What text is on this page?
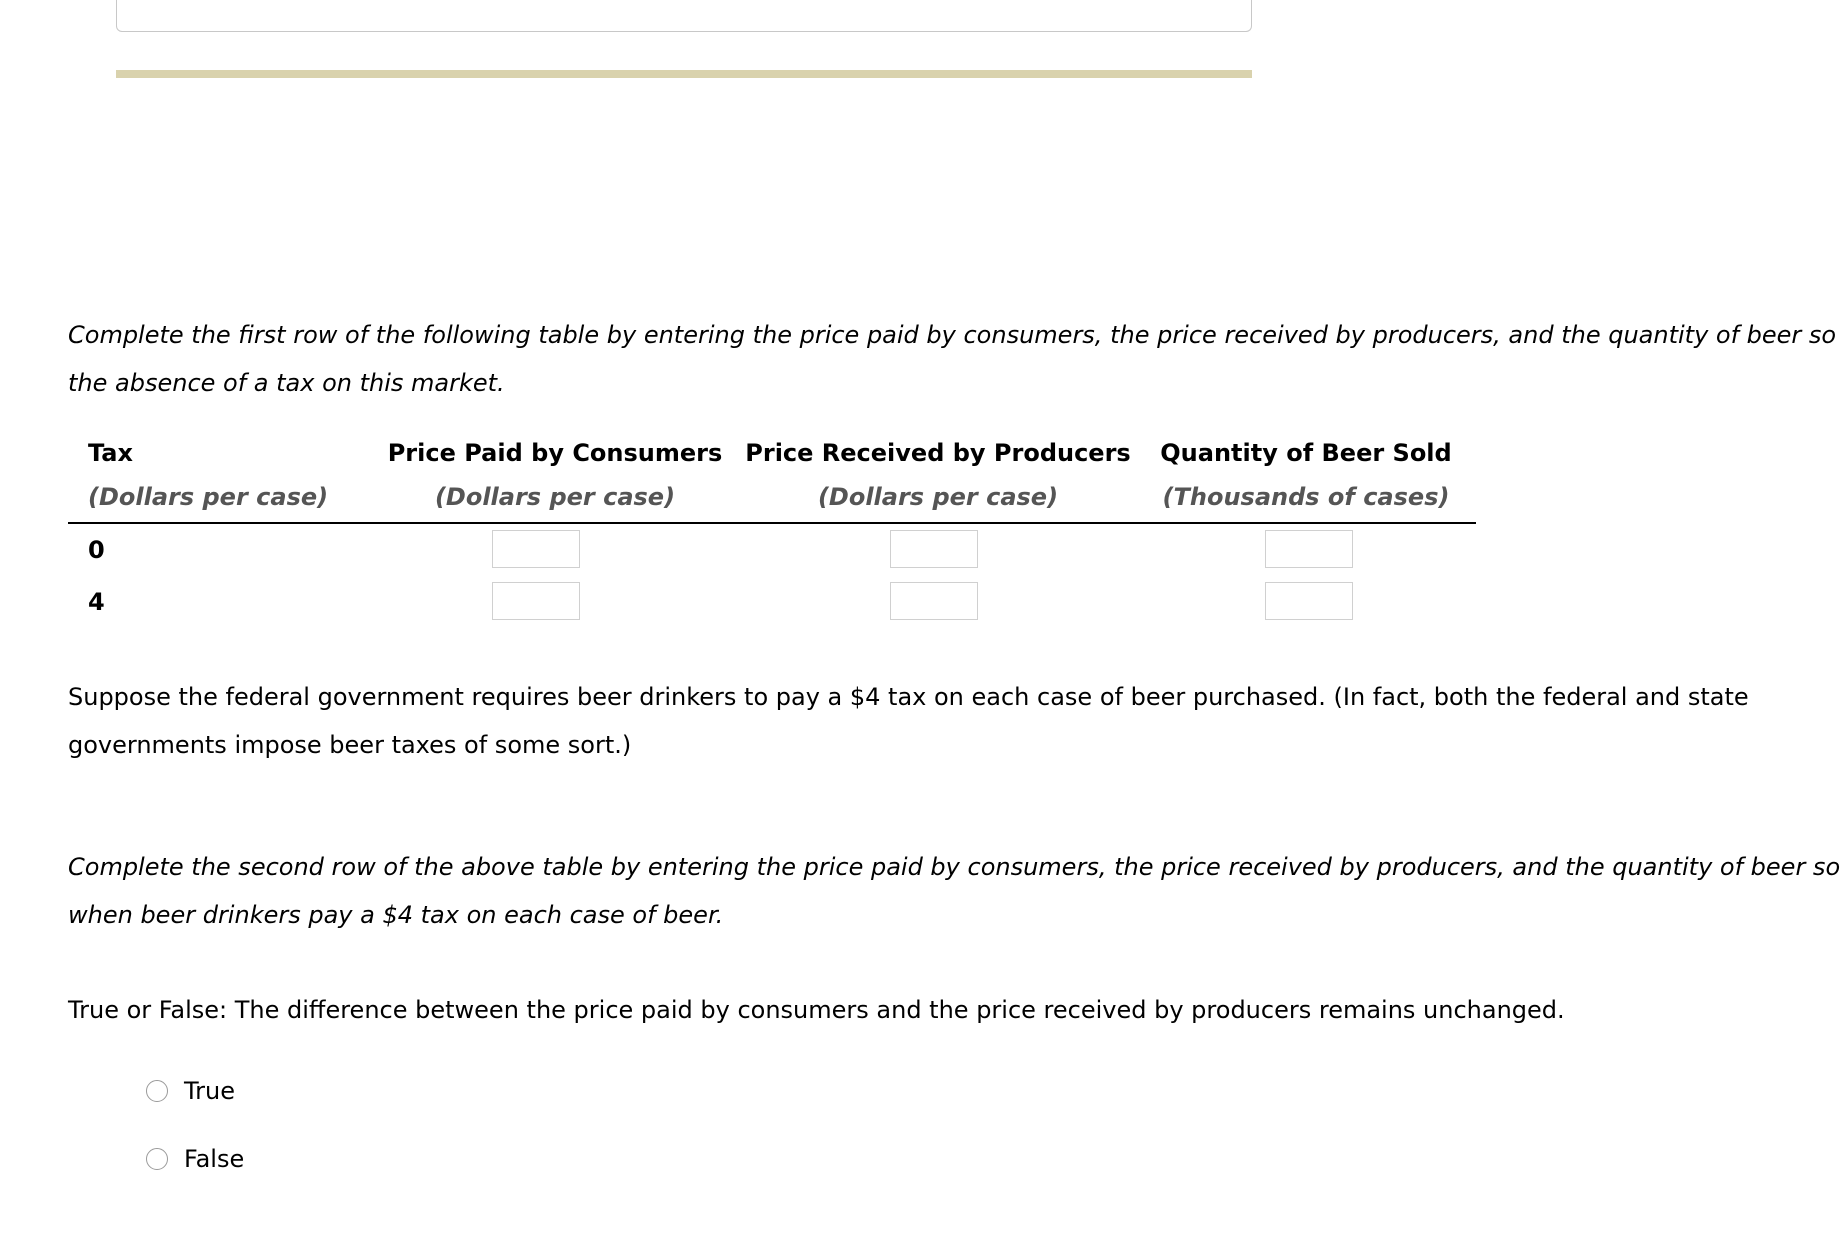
Complete the first row of the following table by entering the price paid by consumers, the price received by producers, and the quantity of beer so
the absence of a tax on this market.

Tax
(Dollars per case)
Price Paid by Consumers
(Dollars per case)
Price Received by Producers
(Dollars per case)
Quantity of Beer Sold
(Thousands of cases)
0
4

Suppose the federal government requires beer drinkers to pay a $4 tax on each case of beer purchased. (In fact, both the federal and state
governments impose beer taxes of some sort.)

Complete the second row of the above table by entering the price paid by consumers, the price received by producers, and the quantity of beer so
when beer drinkers pay a $4 tax on each case of beer.

True or False: The difference between the price paid by consumers and the price received by producers remains unchanged.

True
False
